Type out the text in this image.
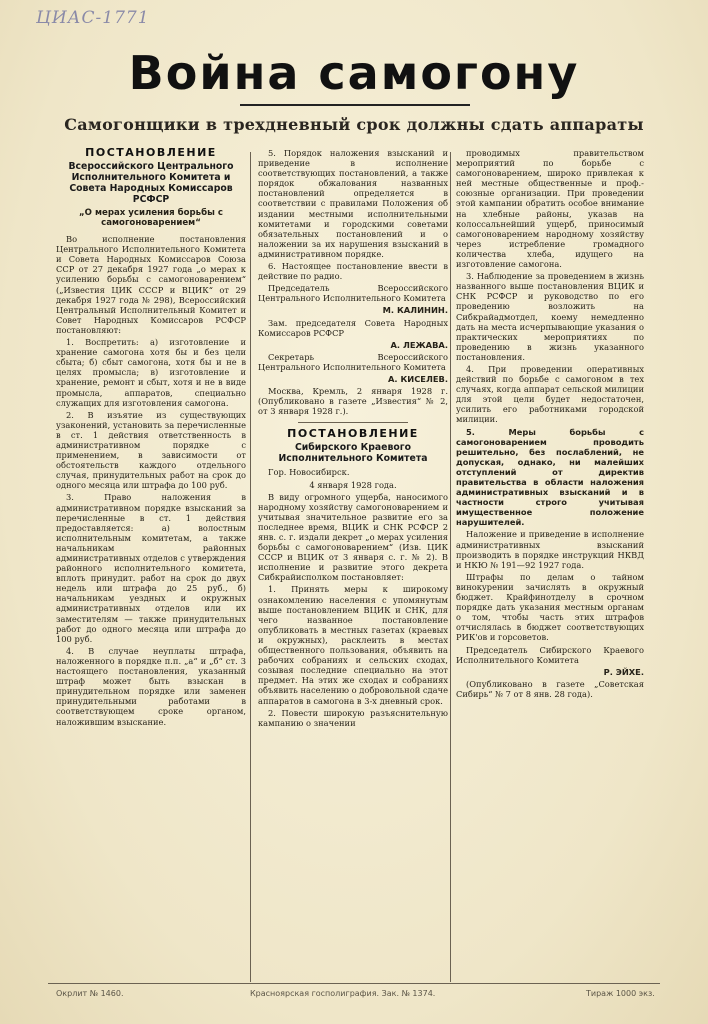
ЦИАС-1771
Война самогону
Самогонщики в трехдневный срок должны сдать аппараты
ПОСТАНОВЛЕНИЕ
Всероссийского Центрального Исполнительного Комитета и Совета Народных Комиссаров РСФСР
„О мерах усиления борьбы с самогоноварением“

Во исполнение постановления Центрального Исполнительного Комитета и Совета Народных Комиссаров Союза ССР от 27 декабря 1927 года „о мерах к усилению борьбы с самогоноварением“ („Известия ЦИК СССР и ВЦИК“ от 29 декабря 1927 года № 298), Всероссийский Центральный Исполнительный Комитет и Совет Народных Комиссаров РСФСР постановляют:

1. Воспретить: а) изготовление и хранение самогона хотя бы и без цели сбыта; б) сбыт самогона, хотя бы и не в целях промысла; в) изготовление и хранение, ремонт и сбыт, хотя и не в виде промысла, аппаратов, специально служащих для изготовления самогона.

2. В изъятие из существующих узаконений, установить за перечисленные в ст. 1 действия ответственность в административном порядке с применением, в зависимости от обстоятельств каждого отдельного случая, принудительных работ на срок до одного месяца или штрафа до 100 руб.

3. Право наложения в административном порядке взысканий за перечисленные в ст. 1 действия предоставляется: а) волостным исполнительным комитетам, а также начальникам районных административных отделов с утверждения районного исполнительного комитета, вплоть принудит. работ на срок до двух недель или штрафа до 25 руб., б) начальникам уездных и окружных административных отделов или их заместителям — также принудительных работ до одного месяца или штрафа до 100 руб.

4. В случае неуплаты штрафа, наложенного в порядке п.п. „а“ и „б“ ст. 3 настоящего постановления, указанный штраф может быть взыскан в принудительном порядке или заменен принудительными работами в соответствующем сроке органом, наложившим взыскание.

5. Порядок наложения взысканий и приведение в исполнение соответствующих постановлений, а также порядок обжалования названных постановлений определяется в соответствии с правилами Положения об издании местными исполнительными комитетами и городскими советами обязательных постановлений и о наложении за их нарушения взысканий в административном порядке.

6. Настоящее постановление ввести в действие по радио.

Председатель Всероссийского Центрального Исполнительного Комитета

М. КАЛИНИН.

Зам. председателя Совета Народных Комиссаров РСФСР

А. ЛЕЖАВА.

Секретарь Всероссийского Центрального Исполнительного Комитета

А. КИСЕЛЕВ.

Москва, Кремль, 2 января 1928 г. (Опубликовано в газете „Известия“ № 2, от 3 января 1928 г.).

ПОСТАНОВЛЕНИЕ
Сибирского Краевого Исполнительного Комитета

Гор. Новосибирск.

4 января 1928 года.

В виду огромного ущерба, наносимого народному хозяйству самогоноварением и учитывая значительное развитие его за последнее время, ВЦИК и СНК РСФСР 2 янв. с. г. издали декрет „о мерах усиления борьбы с самогоноварением“ (Изв. ЦИК СССР и ВЦИК от 3 января с. г. № 2). В исполнение и развитие этого декрета Сибкрайисполком постановляет:

1. Принять меры к широкому ознакомлению населения с упомянутым выше постановлением ВЦИК и СНК, для чего названное постановление опубликовать в местных газетах (краевых и окружных), расклеить в местах общественного пользования, объявить на рабочих собраниях и сельских сходах, созывая последние специально на этот предмет. На этих же сходах и собраниях объявить населению о добровольной сдаче аппаратов в самогона в 3-х дневный срок.

2. Повести широкую разъяснительную кампанию о значении

проводимых правительством мероприятий по борьбе с самогоноварением, широко привлекая к ней местные общественные и проф.-союзные организации. При проведении этой кампании обратить особое внимание на хлебные районы, указав на колоссальнейший ущерб, приносимый самогоноварением народному хозяйству через истребление громадного количества хлеба, идущего на изготовление самогона.

3. Наблюдение за проведением в жизнь названного выше постановления ВЦИК и СНК РСФСР и руководство по его проведению возложить на Сибкрайадмотдел, коему немедленно дать на места исчерпывающие указания о практических мероприятиях по проведению в жизнь указанного постановления.

4. При проведении оперативных действий по борьбе с самогоном в тех случаях, когда аппарат сельской милиции для этой цели будет недостаточен, усилить его работниками городской милиции.

5. Меры борьбы с самогоноварением проводить решительно, без послаблений, не допуская, однако, ни малейших отступлений от директив правительства в области наложения административных взысканий и в частности строго учитывая имущественное положение нарушителей.

Наложение и приведение в исполнение административных взысканий производить в порядке инструкций НКВД и НКЮ № 191—92 1927 года.

Штрафы по делам о тайном винокурении зачислять в окружный бюджет. Крайфинотделу в срочном порядке дать указания местным органам о том, чтобы часть этих штрафов отчислялась в бюджет соответствующих РИК'ов и горсоветов.

Председатель Сибирского Краевого Исполнительного Комитета

Р. ЭЙХЕ.

(Опубликовано в газете „Советская Сибирь“ № 7 от 8 янв. 28 года).

Окрлит № 1460.	Красноярская госполиграфия. Зак. № 1374.	Тираж 1000 экз.
